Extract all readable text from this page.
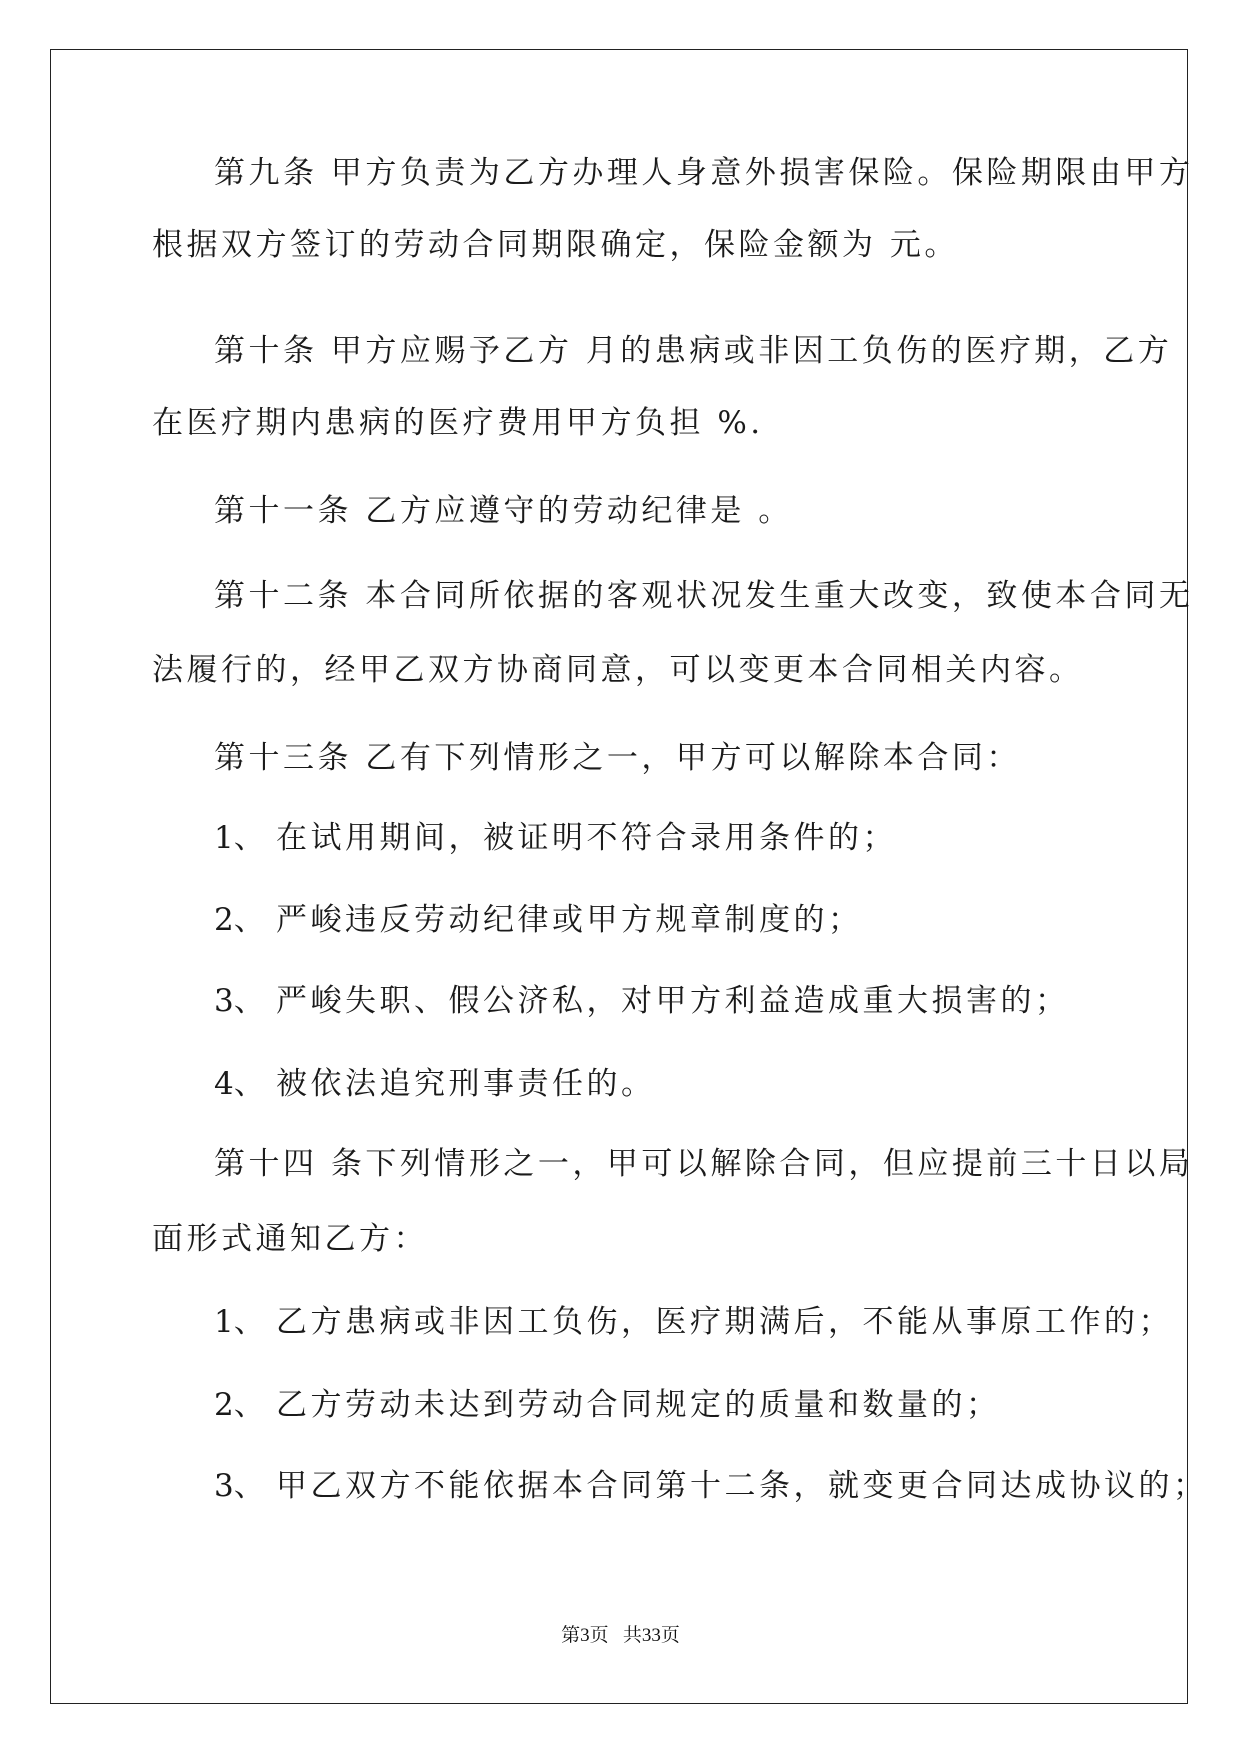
第九条 甲方负责为乙方办理人身意外损害保险。保险期限由甲方

根据双方签订的劳动合同期限确定，保险金额为 元。

第十条 甲方应赐予乙方 月的患病或非因工负伤的医疗期，乙方

在医疗期内患病的医疗费用甲方负担 %.

第十一条 乙方应遵守的劳动纪律是 。

第十二条 本合同所依据的客观状况发生重大改变，致使本合同无

法履行的，经甲乙双方协商同意，可以变更本合同相关内容。

第十三条 乙有下列情形之一，甲方可以解除本合同：

1、 在试用期间，被证明不符合录用条件的；

2、 严峻违反劳动纪律或甲方规章制度的；

3、 严峻失职、假公济私，对甲方利益造成重大损害的；

4、 被依法追究刑事责任的。

第十四 条下列情形之一，甲可以解除合同，但应提前三十日以局

面形式通知乙方：

1、 乙方患病或非因工负伤，医疗期满后，不能从事原工作的；

2、 乙方劳动未达到劳动合同规定的质量和数量的；

3、 甲乙双方不能依据本合同第十二条，就变更合同达成协议的；

第3页   共33页
